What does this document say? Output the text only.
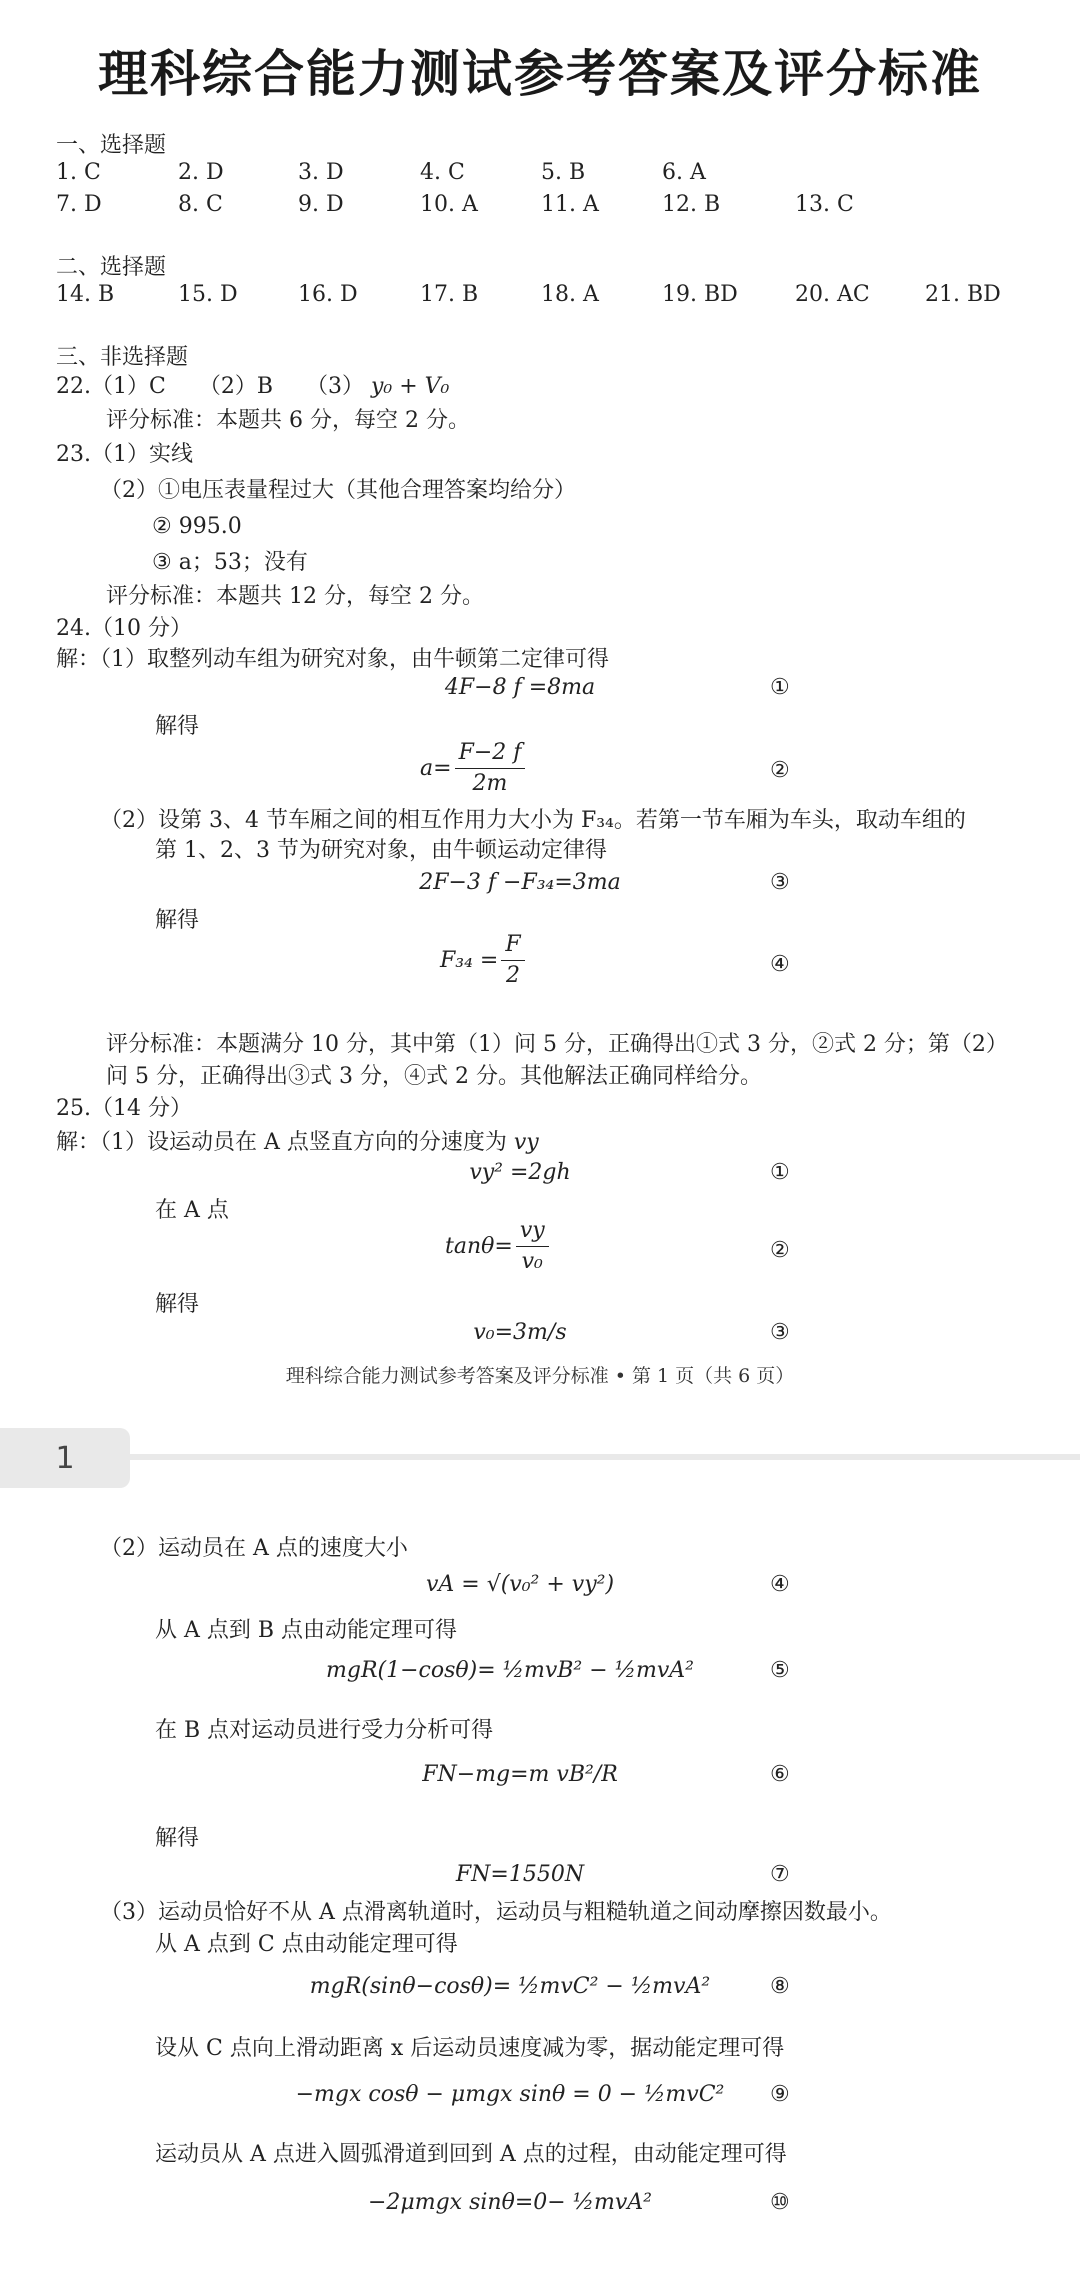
理科综合能力测试参考答案及评分标准
一、选择题
1. C	2. D	3. D	4. C	5. B	6. A
7. D	8. C	9. D	10. A	11. A	12. B	13. C
二、选择题
14. B	15. D	16. D	17. B	18. A	19. BD	20. AC	21. BD
三、非选择题
22.（1）C　　（2）B　　（3） y₀ + V₀
评分标准：本题共 6 分，每空 2 分。
23.（1）实线
（2）①电压表量程过大（其他合理答案均给分）
② 995.0
③ a；53；没有
评分标准：本题共 12 分，每空 2 分。
24.（10 分）
解：（1）取整列动车组为研究对象，由牛顿第二定律可得
4F−8 f =8ma	①
解得
$a= \frac{F-2 f}{2m}$	②
（2）设第 3、4 节车厢之间的相互作用力大小为 F₃₄。若第一节车厢为车头，取动车组的
第 1、2、3 节为研究对象，由牛顿运动定律得
2F−3 f −F₃₄=3ma	③
解得
$F_{34} = \frac{F}{2}$	④
评分标准：本题满分 10 分，其中第（1）问 5 分，正确得出①式 3 分，②式 2 分；第（2）
问 5 分，正确得出③式 3 分，④式 2 分。其他解法正确同样给分。
25.（14 分）
解：（1）设运动员在 A 点竖直方向的分速度为 vy
vy² =2gh	①
在 A 点
$\tan\theta= \frac{vy}{\text{v₀}}$	②
解得
v₀=3m/s	③
理科综合能力测试参考答案及评分标准 • 第 1 页（共 6 页）
1
（2）运动员在 A 点的速度大小
vA = √(v₀² + vy²)	④
从 A 点到 B 点由动能定理可得
mgR(1−cosθ)= ½mvB² − ½mvA²	⑤
在 B 点对运动员进行受力分析可得
FN−mg=m vB²/R	⑥
解得
FN=1550N	⑦
（3）运动员恰好不从 A 点滑离轨道时，运动员与粗糙轨道之间动摩擦因数最小。
从 A 点到 C 点由动能定理可得
mgR(sinθ−cosθ)= ½mvC² − ½mvA²	⑧
设从 C 点向上滑动距离 x 后运动员速度减为零，据动能定理可得
−mgx cosθ − μmgx sinθ = 0 − ½mvC² ⑨
运动员从 A 点进入圆弧滑道到回到 A 点的过程，由动能定理可得
−2μmgx sinθ=0− ½mvA²	⑩
